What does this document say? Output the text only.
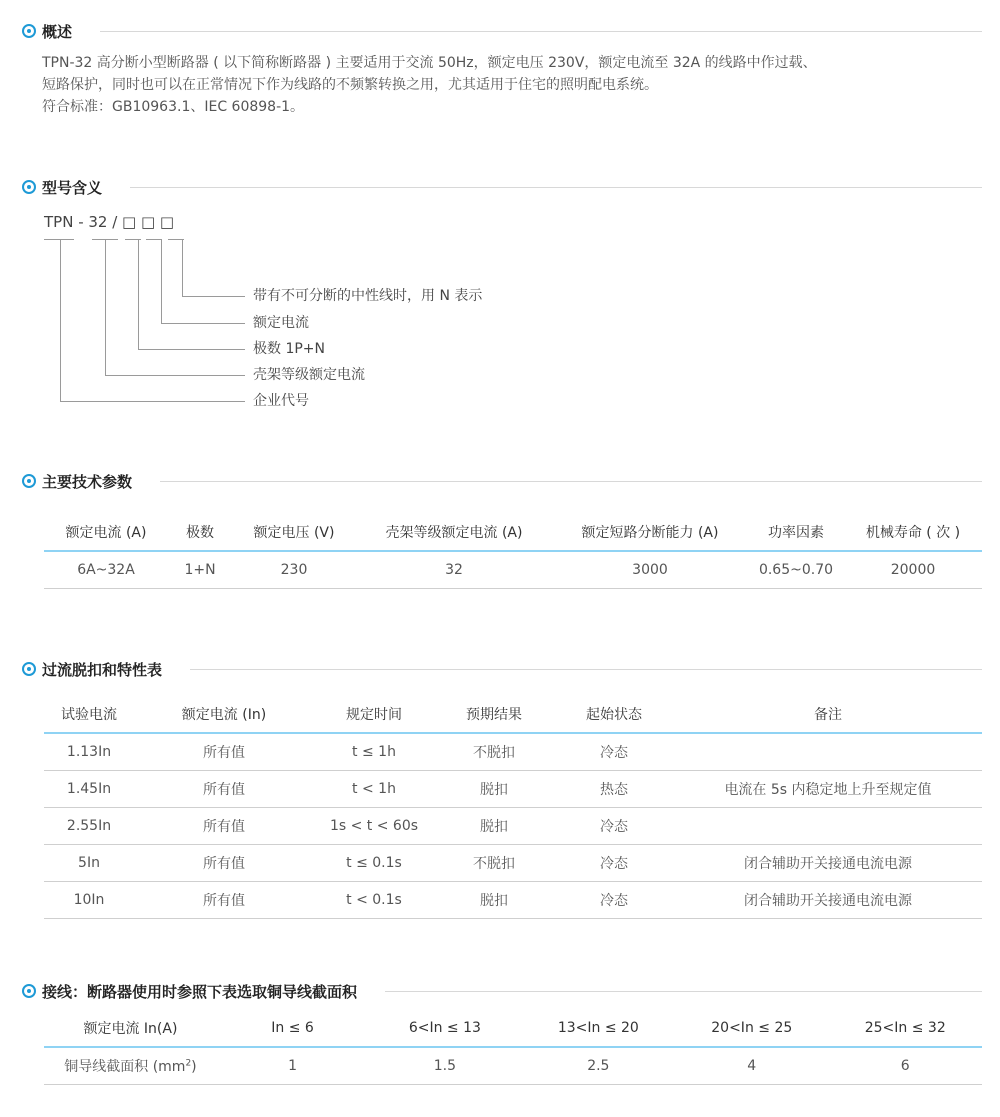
概述

TPN-32 高分断小型断路器 ( 以下简称断路器 ) 主要适用于交流 50Hz，额定电压 230V，额定电流至 32A 的线路中作过载、

短路保护，同时也可以在正常情况下作为线路的不频繁转换之用，尤其适用于住宅的照明配电系统。

符合标准：GB10963.1、IEC 60898-1。

型号含义
TPN - 32 / □ □ □
带有不可分断的中性线时，用 N 表示
额定电流
极数 1P+N
壳架等级额定电流
企业代号
主要技术参数
额定电流 (A)	极数	额定电压 (V)	壳架等级额定电流 (A)	额定短路分断能力 (A)	功率因素	机械寿命 ( 次 )
6A~32A	1+N	230	32	3000	0.65~0.70	20000
过流脱扣和特性表
试验电流	额定电流 (In)	规定时间	预期结果	起始状态	备注
1.13In	所有值	t ≤ 1h	不脱扣	冷态	
1.45In	所有值	t < 1h	脱扣	热态	电流在 5s 内稳定地上升至规定值
2.55In	所有值	1s < t < 60s	脱扣	冷态	
5In	所有值	t ≤ 0.1s	不脱扣	冷态	闭合辅助开关接通电流电源
10In	所有值	t < 0.1s	脱扣	冷态	闭合辅助开关接通电流电源
接线：断路器使用时参照下表选取铜导线截面积
额定电流 In(A)	In ≤ 6	6<In ≤ 13	13<In ≤ 20	20<In ≤ 25	25<In ≤ 32
铜导线截面积 $(mm^2)$	1	1.5	2.5	4	6
